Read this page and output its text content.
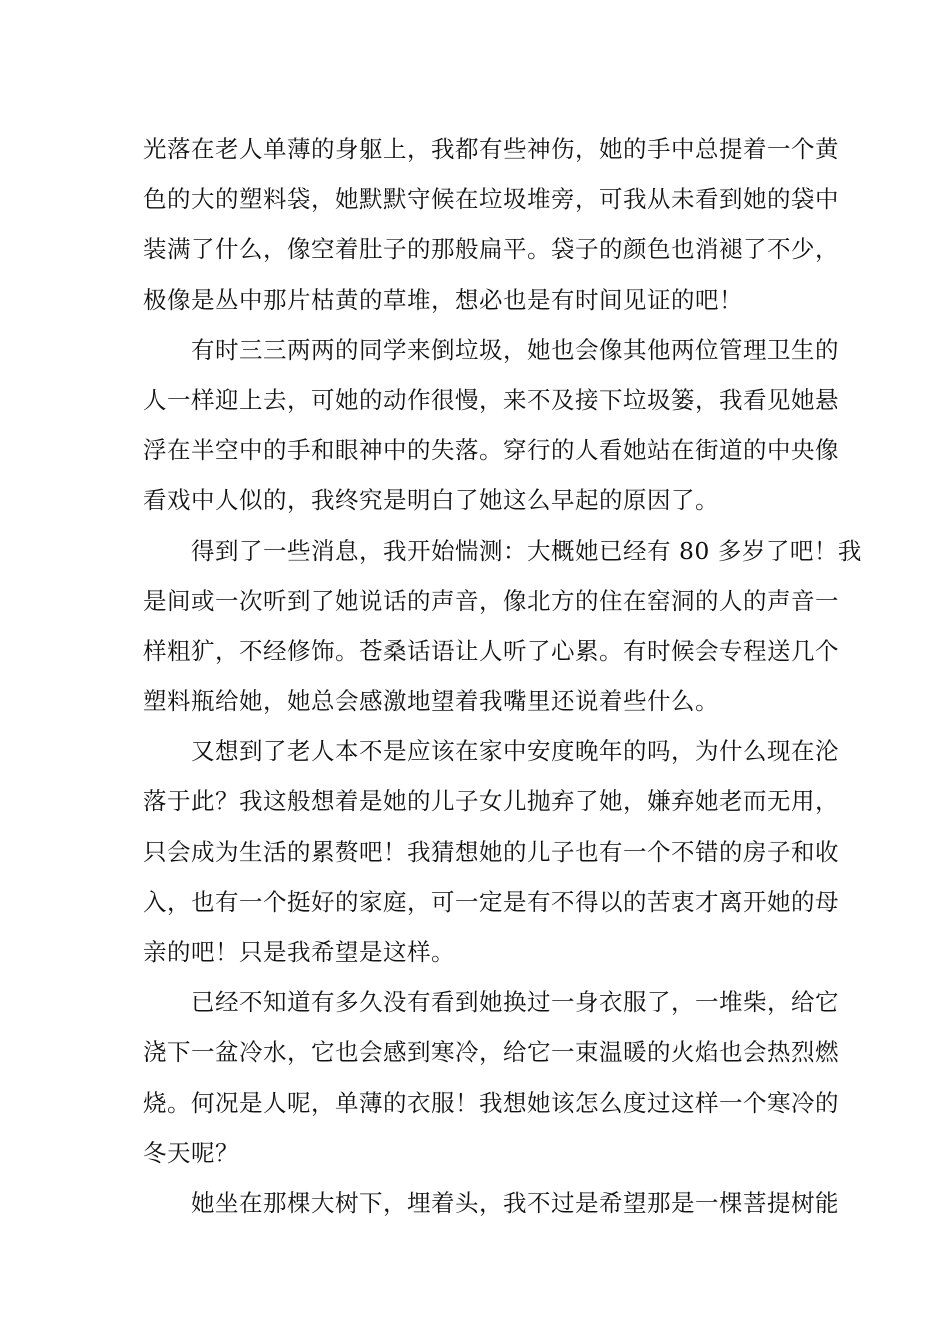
光落在老人单薄的身躯上，我都有些神伤，她的手中总提着一个黄
色的大的塑料袋，她默默守候在垃圾堆旁，可我从未看到她的袋中
装满了什么，像空着肚子的那般扁平。袋子的颜色也消褪了不少，
极像是丛中那片枯黄的草堆，想必也是有时间见证的吧！
有时三三两两的同学来倒垃圾，她也会像其他两位管理卫生的
人一样迎上去，可她的动作很慢，来不及接下垃圾篓，我看见她悬
浮在半空中的手和眼神中的失落。穿行的人看她站在街道的中央像
看戏中人似的，我终究是明白了她这么早起的原因了。
得到了一些消息，我开始惴测：大概她已经有 80 多岁了吧！我
是间或一次听到了她说话的声音，像北方的住在窑洞的人的声音一
样粗犷，不经修饰。苍桑话语让人听了心累。有时候会专程送几个
塑料瓶给她，她总会感激地望着我嘴里还说着些什么。
又想到了老人本不是应该在家中安度晚年的吗，为什么现在沦
落于此？我这般想着是她的儿子女儿抛弃了她，嫌弃她老而无用，
只会成为生活的累赘吧！我猜想她的儿子也有一个不错的房子和收
入，也有一个挺好的家庭，可一定是有不得以的苦衷才离开她的母
亲的吧！只是我希望是这样。
已经不知道有多久没有看到她换过一身衣服了，一堆柴，给它
浇下一盆冷水，它也会感到寒冷，给它一束温暖的火焰也会热烈燃
烧。何况是人呢，单薄的衣服！我想她该怎么度过这样一个寒冷的
冬天呢？
她坐在那棵大树下，埋着头，我不过是希望那是一棵菩提树能
